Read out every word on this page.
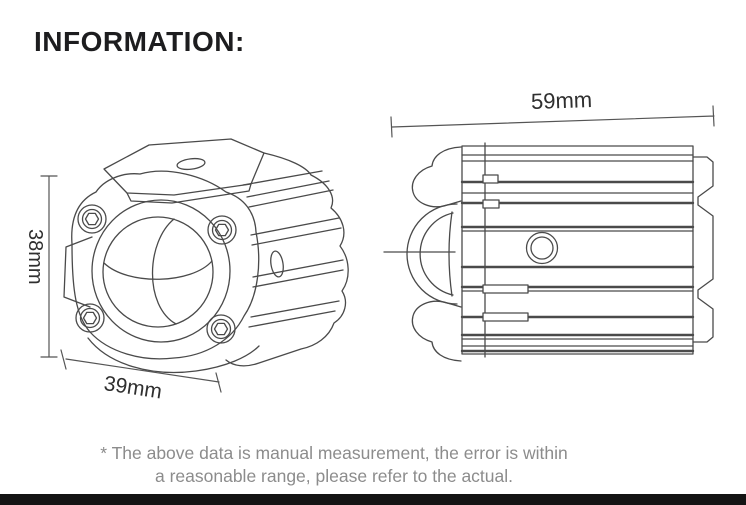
INFORMATION:
38mm
39mm
59mm
* The above data is manual measurement, the error is within
a reasonable range, please refer to the actual.
